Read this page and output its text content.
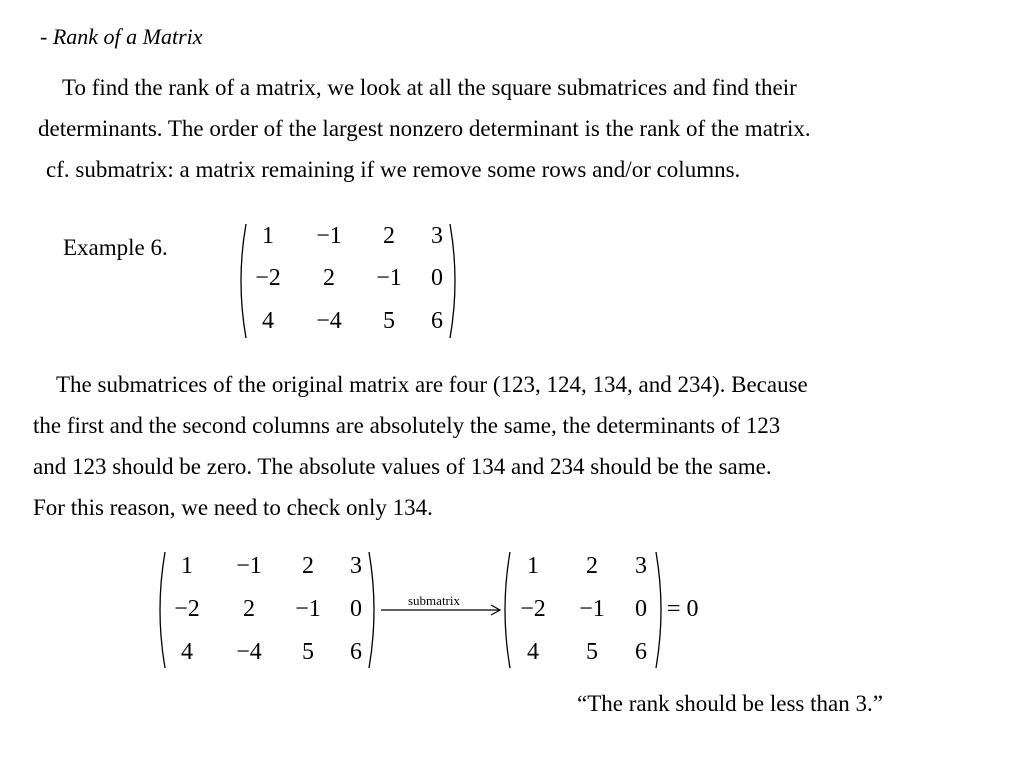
- Rank of a Matrix
To find the rank of a matrix, we look at all the square submatrices and find their
determinants. The order of the largest nonzero determinant is the rank of the matrix.
cf. submatrix: a matrix remaining if we remove some rows and/or columns.
Example 6.	1 −1 2 3
−2 2 −1 0
4 −4 5 6
The submatrices of the original matrix are four (123, 124, 134, and 234). Because
the first and the second columns are absolutely the same, the determinants of 123
and 123 should be zero. The absolute values of 134 and 234 should be the same.
For this reason, we need to check only 134.
1 −1 2 3
−2 2 −1 0
4 −4 5 6
submatrix
1 2 3
−2 −1 0
4 5 6
= 0
“The rank should be less than 3.”
